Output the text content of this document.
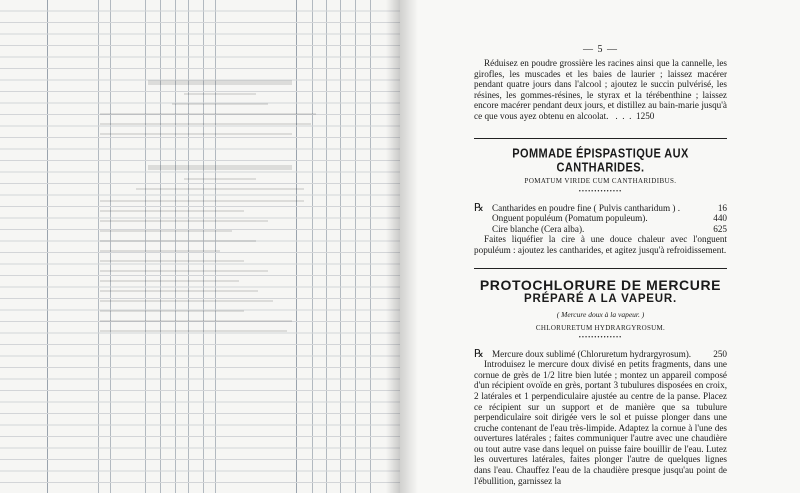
— 5 —

Réduisez en poudre grossière les racines ainsi que la cannelle, les girofles, les muscades et les baies de laurier ; laissez macérer pendant quatre jours dans l'alcool ; ajoutez le succin pulvérisé, les résines, les gommes-résines, le styrax et la térébenthine ; laissez encore macérer pendant deux jours, et distillez au bain-marie jusqu'à ce que vous ayez obtenu en alcoolat.   .  .  .  1250

POMMADE ÉPISPASTIQUE AUX CANTHARIDES.
POMATUM VIRIDE CUM CANTHARIDIBUS.
••••••••••••••
℞ Cantharides en poudre fine ( Pulvis cantharidum ) .	16
Onguent populéum (Pomatum populeum).	440
Cire blanche (Cera alba).	625

Faites liquéfier la cire à une douce chaleur avec l'onguent populéum : ajoutez les cantharides, et agitez jusqu'à refroidissement.

PROTOCHLORURE DE MERCURE
PRÉPARÉ A LA VAPEUR.
( Mercure doux à la vapeur. )
CHLORURETUM HYDRARGYROSUM.
••••••••••••••
℞ Mercure doux sublimé (Chloruretum hydrargyrosum).	250

Introduisez le mercure doux divisé en petits fragments, dans une cornue de grès de 1/2 litre bien lutée ; montez un appareil composé d'un récipient ovoïde en grès, portant 3 tubulures disposées en croix, 2 latérales et 1 perpendiculaire ajustée au centre de la panse. Placez ce récipient sur un support et de manière que sa tubulure perpendiculaire soit dirigée vers le sol et puisse plonger dans une cruche contenant de l'eau très-limpide. Adaptez la cornue à l'une des ouvertures latérales ; faites communiquer l'autre avec une chaudière ou tout autre vase dans lequel on puisse faire bouillir de l'eau. Lutez les ouvertures latérales, faites plonger l'autre de quelques lignes dans l'eau. Chauffez l'eau de la chaudière presque jusqu'au point de l'ébullition, garnissez la
